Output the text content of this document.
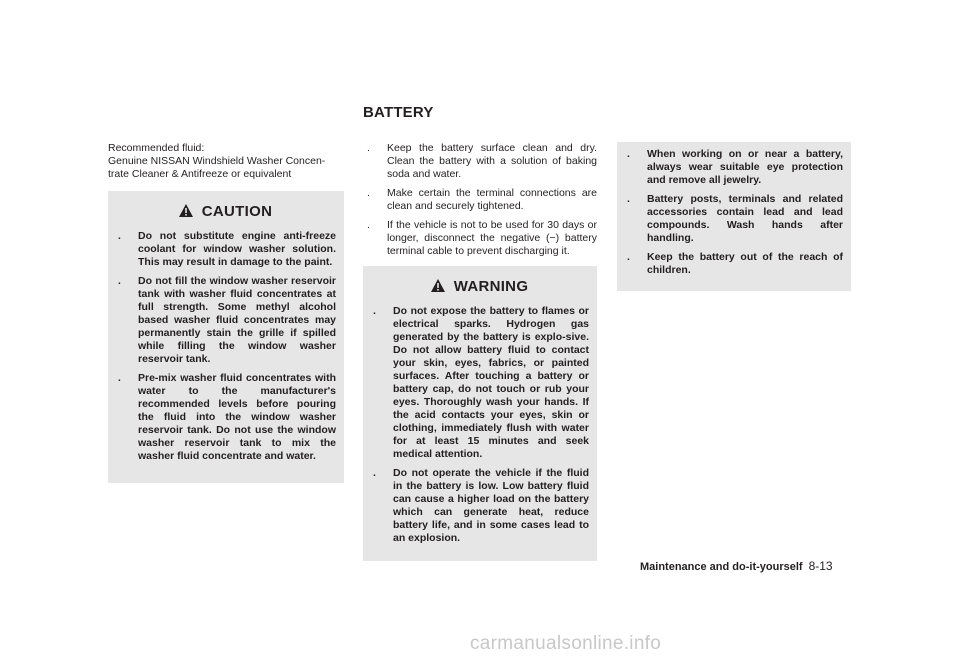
BATTERY

Recommended fluid:

Genuine NISSAN Windshield Washer Concen-trate Cleaner & Antifreeze or equivalent

CAUTION
. Do not substitute engine anti-freeze coolant for window washer solution. This may result in damage to the paint.
. Do not fill the window washer reservoir tank with washer fluid concentrates at full strength. Some methyl alcohol based washer fluid concentrates may permanently stain the grille if spilled while filling the window washer reservoir tank.
. Pre-mix washer fluid concentrates with water to the manufacturer's recommended levels before pouring the fluid into the window washer reservoir tank. Do not use the window washer reservoir tank to mix the washer fluid concentrate and water.
. Keep the battery surface clean and dry. Clean the battery with a solution of baking soda and water.
. Make certain the terminal connections are clean and securely tightened.
. If the vehicle is not to be used for 30 days or longer, disconnect the negative (−) battery terminal cable to prevent discharging it.
WARNING
. Do not expose the battery to flames or electrical sparks. Hydrogen gas generated by the battery is explo-sive. Do not allow battery fluid to contact your skin, eyes, fabrics, or painted surfaces. After touching a battery or battery cap, do not touch or rub your eyes. Thoroughly wash your hands. If the acid contacts your eyes, skin or clothing, immediately flush with water for at least 15 minutes and seek medical attention.
. Do not operate the vehicle if the fluid in the battery is low. Low battery fluid can cause a higher load on the battery which can generate heat, reduce battery life, and in some cases lead to an explosion.
. When working on or near a battery, always wear suitable eye protection and remove all jewelry.
. Battery posts, terminals and related accessories contain lead and lead compounds. Wash hands after handling.
. Keep the battery out of the reach of children.
Maintenance and do-it-yourself 8-13
carmanualsonline.info
